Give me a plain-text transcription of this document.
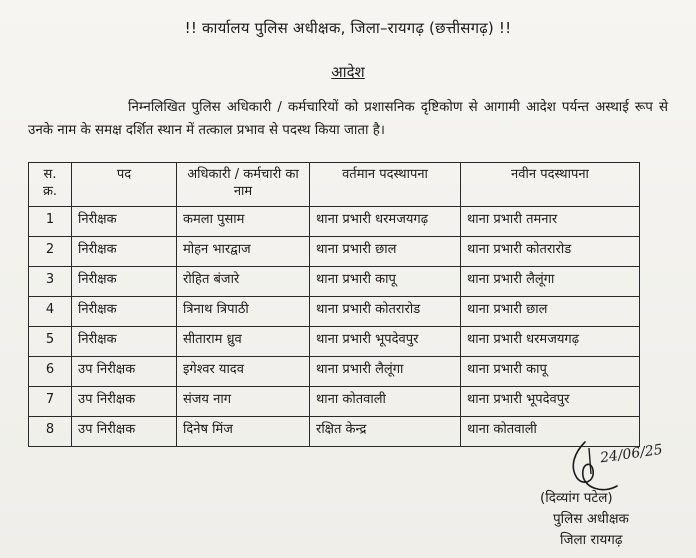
!! कार्यालय पुलिस अधीक्षक, जिला–रायगढ़ (छत्तीसगढ़) !!
आदेश
निम्नलिखित पुलिस अधिकारी / कर्मचारियों को प्रशासनिक दृष्टिकोण से आगामी आदेश पर्यन्त अस्थाई रूप से उनके नाम के समक्ष दर्शित स्थान में तत्काल प्रभाव से पदस्थ किया जाता है।
स. क्र.	पद	अधिकारी / कर्मचारी का नाम	वर्तमान पदस्थापना	नवीन पदस्थापना
1	निरीक्षक	कमला पुसाम	थाना प्रभारी धरमजयगढ़	थाना प्रभारी तमनार
2	निरीक्षक	मोहन भारद्वाज	थाना प्रभारी छाल	थाना प्रभारी कोतरारोड
3	निरीक्षक	रोहित बंजारे	थाना प्रभारी कापू	थाना प्रभारी लैलूंगा
4	निरीक्षक	त्रिनाथ त्रिपाठी	थाना प्रभारी कोतरारोड	थाना प्रभारी छाल
5	निरीक्षक	सीताराम ध्रुव	थाना प्रभारी भूपदेवपुर	थाना प्रभारी धरमजयगढ़
6	उप निरीक्षक	इगेश्वर यादव	थाना प्रभारी लैलूंगा	थाना प्रभारी कापू
7	उप निरीक्षक	संजय नाग	थाना कोतवाली	थाना प्रभारी भूपदेवपुर
8	उप निरीक्षक	दिनेष मिंज	रक्षित केन्द्र	थाना कोतवाली
24/06/25
(दिव्यांग पटेल)
पुलिस अधीक्षक
जिला रायगढ़
